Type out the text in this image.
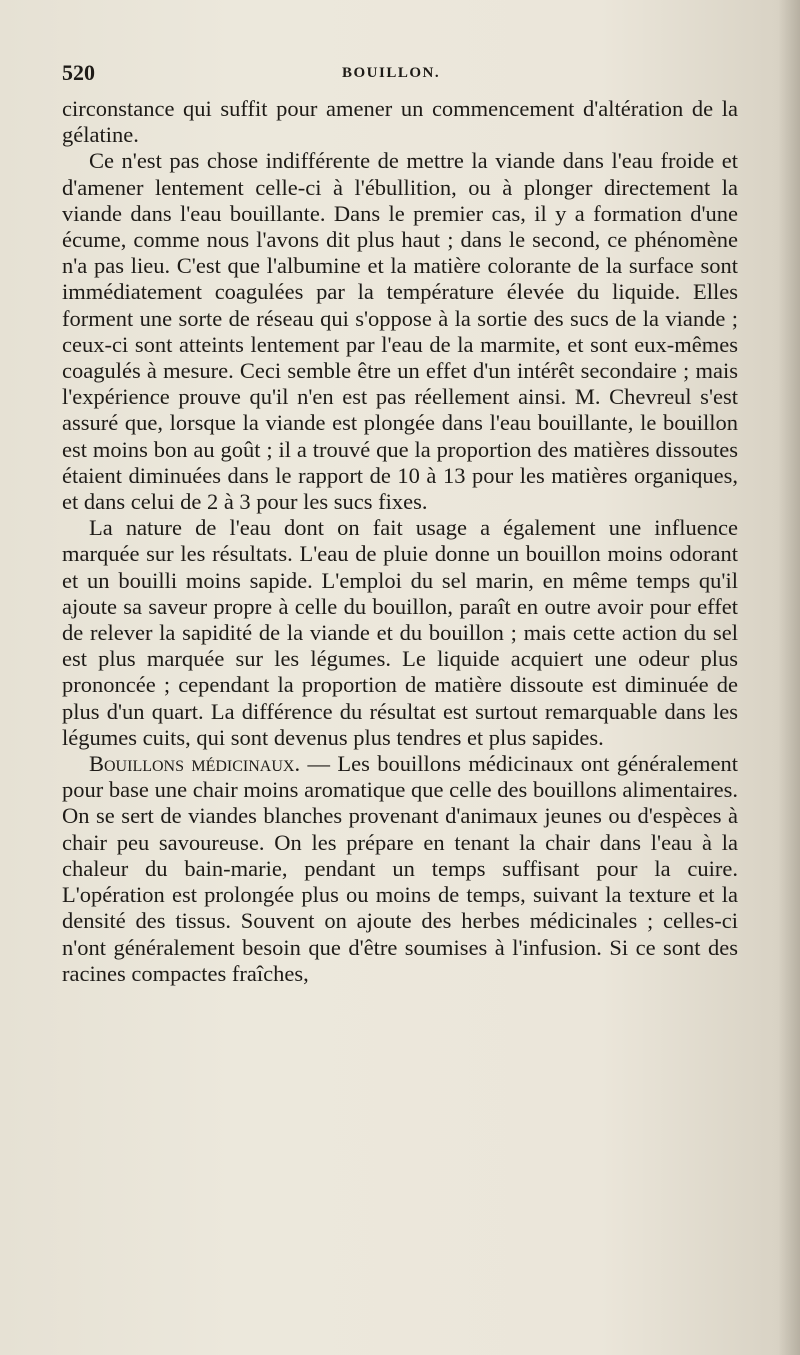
520	BOUILLON.

circonstance qui suffit pour amener un commencement d'altération de la gélatine.

Ce n'est pas chose indifférente de mettre la viande dans l'eau froide et d'amener lentement celle-ci à l'ébullition, ou à plonger directement la viande dans l'eau bouillante. Dans le premier cas, il y a formation d'une écume, comme nous l'avons dit plus haut ; dans le second, ce phénomène n'a pas lieu. C'est que l'albumine et la matière colorante de la surface sont immédiatement coagulées par la température élevée du liquide. Elles forment une sorte de réseau qui s'oppose à la sortie des sucs de la viande ; ceux-ci sont atteints lentement par l'eau de la marmite, et sont eux-mêmes coagulés à mesure. Ceci semble être un effet d'un intérêt secondaire ; mais l'expérience prouve qu'il n'en est pas réellement ainsi. M. Chevreul s'est assuré que, lorsque la viande est plongée dans l'eau bouillante, le bouillon est moins bon au goût ; il a trouvé que la proportion des matières dissoutes étaient diminuées dans le rapport de 10 à 13 pour les matières organiques, et dans celui de 2 à 3 pour les sucs fixes.

La nature de l'eau dont on fait usage a également une influence marquée sur les résultats. L'eau de pluie donne un bouillon moins odorant et un bouilli moins sapide. L'emploi du sel marin, en même temps qu'il ajoute sa saveur propre à celle du bouillon, paraît en outre avoir pour effet de relever la sapidité de la viande et du bouillon ; mais cette action du sel est plus marquée sur les légumes. Le liquide acquiert une odeur plus prononcée ; cependant la proportion de matière dissoute est diminuée de plus d'un quart. La différence du résultat est surtout remarquable dans les légumes cuits, qui sont devenus plus tendres et plus sapides.

Bouillons médicinaux. — Les bouillons médicinaux ont généralement pour base une chair moins aromatique que celle des bouillons alimentaires. On se sert de viandes blanches provenant d'animaux jeunes ou d'espèces à chair peu savoureuse. On les prépare en tenant la chair dans l'eau à la chaleur du bain-marie, pendant un temps suffisant pour la cuire. L'opération est prolongée plus ou moins de temps, suivant la texture et la densité des tissus. Souvent on ajoute des herbes médicinales ; celles-ci n'ont généralement besoin que d'être soumises à l'infusion. Si ce sont des racines compactes fraîches,
